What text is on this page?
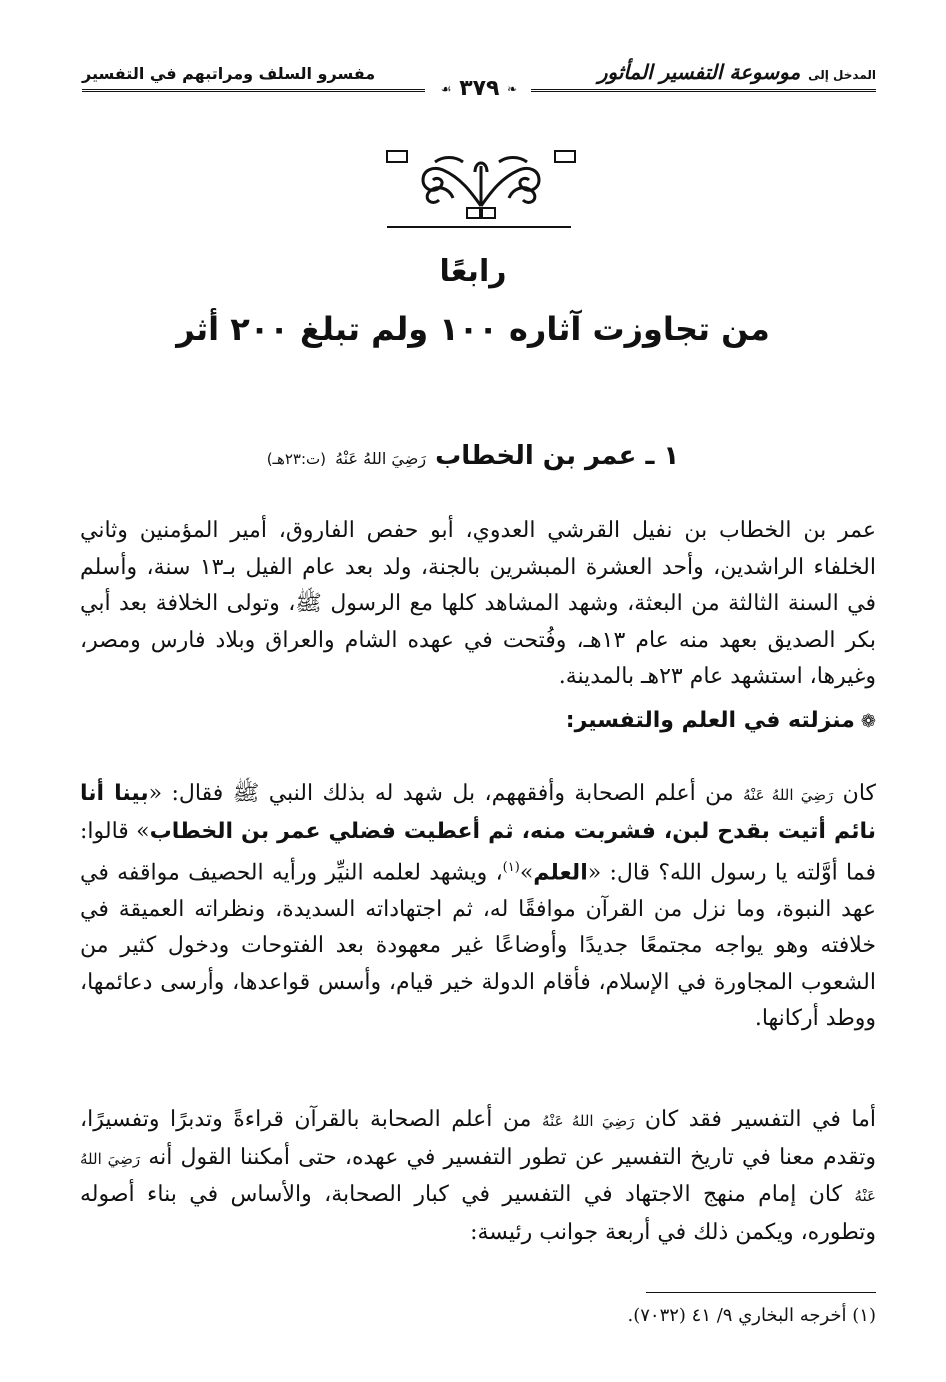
المدخل إلى موسوعة التفسير المأثور
مفسرو السلف ومراتبهم في التفسير
❧ ٣٧٩ ☙
رابعًا
من تجاوزت آثاره ١٠٠ ولم تبلغ ٢٠٠ أثر
١ ـ عمر بن الخطاب رَضِيَ اللهُ عَنْهُ (ت:٢٣هـ)

عمر بن الخطاب بن نفيل القرشي العدوي، أبو حفص الفاروق، أمير المؤمنين وثاني الخلفاء الراشدين، وأحد العشرة المبشرين بالجنة، ولد بعد عام الفيل بـ١٣ سنة، وأسلم في السنة الثالثة من البعثة، وشهد المشاهد كلها مع الرسول ﷺ، وتولى الخلافة بعد أبي بكر الصديق بعهد منه عام ١٣هـ، وفُتحت في عهده الشام والعراق وبلاد فارس ومصر، وغيرها، استشهد عام ٢٣هـ بالمدينة.

❁منزلته في العلم والتفسير:

كان رَضِيَ اللهُ عَنْهُ من أعلم الصحابة وأفقههم، بل شهد له بذلك النبي ﷺ فقال: «بينا أنا نائم أتيت بقدح لبن، فشربت منه، ثم أعطيت فضلي عمر بن الخطاب» قالوا: فما أوَّلته يا رسول الله؟ قال: «العلم»$^{(١)}$، ويشهد لعلمه النيِّر ورأيه الحصيف مواقفه في عهد النبوة، وما نزل من القرآن موافقًا له، ثم اجتهاداته السديدة، ونظراته العميقة في خلافته وهو يواجه مجتمعًا جديدًا وأوضاعًا غير معهودة بعد الفتوحات ودخول كثير من الشعوب المجاورة في الإسلام، فأقام الدولة خير قيام، وأسس قواعدها، وأرسى دعائمها، ووطد أركانها.

أما في التفسير فقد كان رَضِيَ اللهُ عَنْهُ من أعلم الصحابة بالقرآن قراءةً وتدبرًا وتفسيرًا، وتقدم معنا في تاريخ التفسير عن تطور التفسير في عهده، حتى أمكننا القول أنه رَضِيَ اللهُ عَنْهُ كان إمام منهج الاجتهاد في التفسير في كبار الصحابة، والأساس في بناء أصوله وتطوره، ويكمن ذلك في أربعة جوانب رئيسة:

(١) أخرجه البخاري ٩/ ٤١ (٧٠٣٢).
